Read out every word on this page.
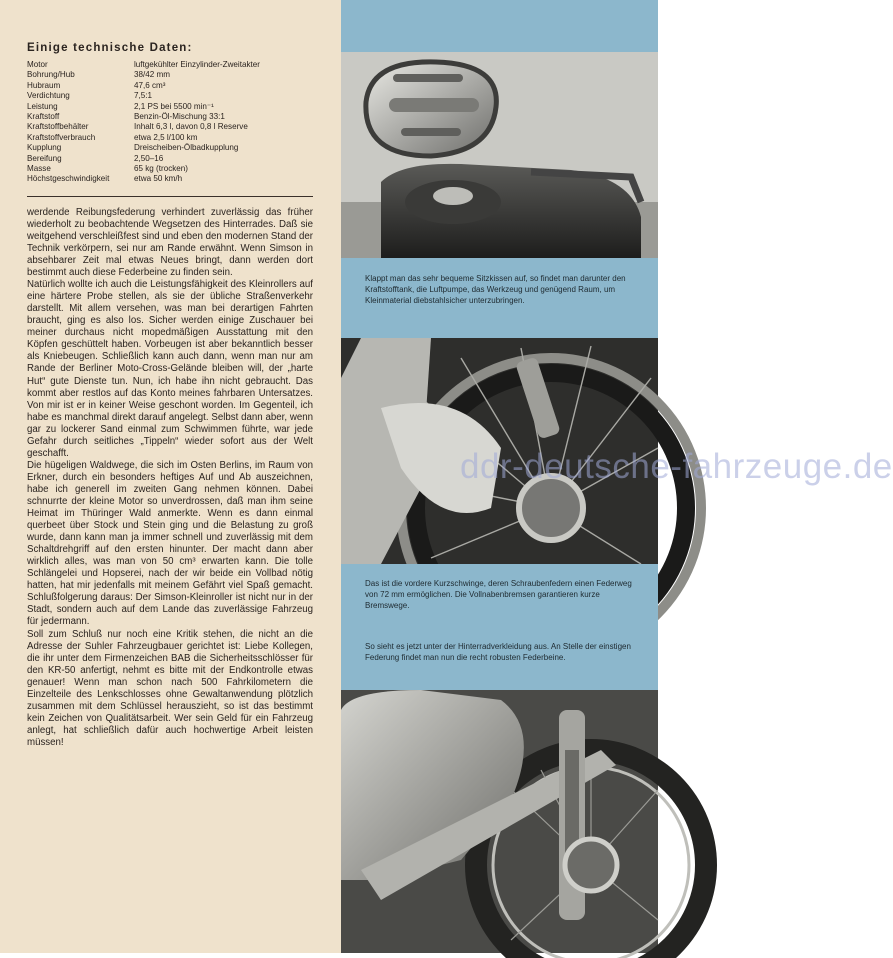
Einige technische Daten:
Motor	luftgekühlter Einzylinder-Zweitakter
Bohrung/Hub	38/42 mm
Hubraum	47,6 cm³
Verdichtung	7,5:1
Leistung	2,1 PS bei 5500 min⁻¹
Kraftstoff	Benzin-Öl-Mischung 33:1
Kraftstoffbehälter	Inhalt 6,3 l, davon 0,8 l Reserve
Kraftstoffverbrauch	etwa 2,5 l/100 km
Kupplung	Dreischeiben-Ölbadkupplung
Bereifung	2,50–16
Masse	65 kg (trocken)
Höchstgeschwindigkeit	etwa 50 km/h

werdende Reibungsfederung verhindert zuverlässig das früher wiederholt zu beobachtende Wegsetzen des Hinterrades. Daß sie weitgehend verschleißfest sind und eben den modernen Stand der Technik verkörpern, sei nur am Rande erwähnt. Wenn Simson in absehbarer Zeit mal etwas Neues bringt, dann werden dort bestimmt auch diese Federbeine zu finden sein.

Natürlich wollte ich auch die Leistungsfähigkeit des Kleinrollers auf eine härtere Probe stellen, als sie der übliche Straßenverkehr darstellt. Mit allem versehen, was man bei derartigen Fahrten braucht, ging es also los. Sicher werden einige Zuschauer bei meiner durchaus nicht mopedmäßigen Ausstattung mit den Köpfen geschüttelt haben. Vorbeugen ist aber bekanntlich besser als Kniebeugen. Schließlich kann auch dann, wenn man nur am Rande der Berliner Moto-Cross-Gelände bleiben will, der „harte Hut“ gute Dienste tun. Nun, ich habe ihn nicht gebraucht. Das kommt aber restlos auf das Konto meines fahrbaren Untersatzes. Von mir ist er in keiner Weise geschont worden. Im Gegenteil, ich habe es manchmal direkt darauf angelegt. Selbst dann aber, wenn gar zu lockerer Sand einmal zum Schwimmen führte, war jede Gefahr durch seitliches „Tippeln“ wieder sofort aus der Welt geschafft.

Die hügeligen Waldwege, die sich im Osten Berlins, im Raum von Erkner, durch ein besonders heftiges Auf und Ab auszeichnen, habe ich generell im zweiten Gang nehmen können. Dabei schnurrte der kleine Motor so unverdrossen, daß man ihm seine Heimat im Thüringer Wald anmerkte. Wenn es dann einmal querbeet über Stock und Stein ging und die Belastung zu groß wurde, dann kann man ja immer schnell und zuverlässig mit dem Schaltdrehgriff auf den ersten hinunter. Der macht dann aber wirklich alles, was man von 50 cm³ erwarten kann. Die tolle Schlängelei und Hopserei, nach der wir beide ein Vollbad nötig hatten, hat mir jedenfalls mit meinem Gefährt viel Spaß gemacht. Schlußfolgerung daraus: Der Simson-Kleinroller ist nicht nur in der Stadt, sondern auch auf dem Lande das zuverlässige Fahrzeug für jedermann.

Soll zum Schluß nur noch eine Kritik stehen, die nicht an die Adresse der Suhler Fahrzeugbauer gerichtet ist: Liebe Kollegen, die ihr unter dem Firmenzeichen BAB die Sicherheitsschlösser für den KR-50 anfertigt, nehmt es bitte mit der Endkontrolle etwas genauer! Wenn man schon nach 500 Fahrkilometern die Einzelteile des Lenkschlosses ohne Gewaltanwendung plötzlich zusammen mit dem Schlüssel herauszieht, so ist das bestimmt kein Zeichen von Qualitätsarbeit. Wer sein Geld für ein Fahrzeug anlegt, hat schließlich dafür auch hochwertige Arbeit leisten müssen!

Klappt man das sehr bequeme Sitzkissen auf, so findet man darunter den Kraftstofftank, die Luftpumpe, das Werkzeug und genügend Raum, um Kleinmaterial diebstahlsicher unterzubringen.
Das ist die vordere Kurzschwinge, deren Schraubenfedern einen Federweg von 72 mm ermöglichen. Die Vollnabenbremsen garantieren kurze Bremswege.
So sieht es jetzt unter der Hinterradverkleidung aus. An Stelle der einstigen Federung findet man nun die recht robusten Federbeine.
ddr-deutsche-fahrzeuge.de
